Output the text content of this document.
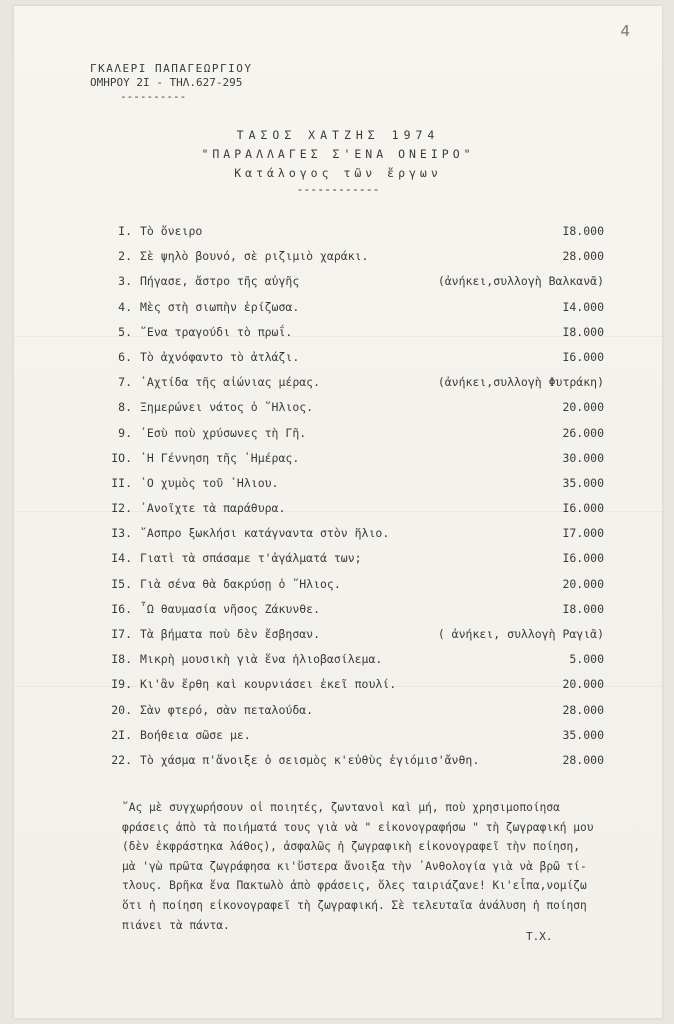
4
ΓΚΑΛΕΡΙ ΠΑΠΑΓΕΩΡΓΙΟΥ
ΟΜΗΡΟΥ 2Ι - ΤΗΛ.627-295
----------
ΤΑΣΟΣ ΧΑΤΖΗΣ 1974
"ΠΑΡΑΛΛΑΓΕΣ Σ'ΕΝΑ ΟΝΕΙΡΟ"
Κατάλογος τῶν ἔργων
------------
Ι. Τὸ ὄνειρο	Ι8.000
2. Σὲ ψηλὸ βουνό, σὲ ριζιμιὸ χαράκι.	28.000
3. Πήγασε, ἄστρο τῆς αὐγῆς	(ἀνήκει,συλλογὴ Βαλκανᾶ)
4. Μὲς στὴ σιωπὴν ἐρίζωσα.	Ι4.000
5. ῞Ενα τραγούδι τὸ πρωΐ.	Ι8.000
6. Τὸ ἀχνόφαντο τὸ ἀτλάζι.	Ι6.000
7. ᾿Αχτίδα τῆς αἰώνιας μέρας.	(ἀνήκει,συλλογὴ Φυτράκη)
8. Ξημερώνει νάτος ὁ ῞Ηλιος.	20.000
9. ᾿Εσὺ ποὺ χρύσωνες τὴ Γῆ.	26.000
ΙΟ. ῾Η Γέννηση τῆς ῾Ημέρας.	30.000
ΙΙ. ῾Ο χυμὸς τοῦ ῾Ηλιου.	35.000
Ι2. ᾿Ανοῖχτε τὰ παράθυρα.	Ι6.000
Ι3. ῎Ασπρο ξωκλήσι κατάγναντα στὸν ἥλιο.	Ι7.000
Ι4. Γιατὶ τὰ σπάσαμε τ'ἀγάλματά των;	Ι6.000
Ι5. Γιὰ σένα θὰ δακρύσῃ ὁ ῞Ηλιος.	20.000
Ι6. ῏Ω θαυμασία νῆσος Ζάκυνθε.	Ι8.000
Ι7. Τὰ βήματα ποὺ δὲν ἔσβησαν.	( ἀνήκει, συλλογὴ Ραγιᾶ)
Ι8. Μικρὴ μουσικὴ γιὰ ἕνα ἡλιοβασίλεμα.	5.000
Ι9. Κι'ἂν ἔρθη καὶ κουρνιάσει ἐκεῖ πουλί.	20.000
20. Σὰν φτερό, σὰν πεταλούδα.	28.000
2Ι. Βοήθεια σῶσε με.	35.000
22. Τὸ χάσμα π'ἄνοιξε ὁ σεισμὸς κ'εὐθὺς ἐγιόμισ'ἄνθη.	28.000
῞Ας μὲ συγχωρήσουν οἱ ποιητές, ζωντανοὶ καὶ μή, ποὺ χρησιμοποίησα
φράσεις ἀπὸ τὰ ποιήματά τους γιὰ νὰ " εἰκονογραφήσω " τὴ ζωγραφική μου
(δὲν ἐκφράστηκα λάθος), ἀσφαλῶς ἡ ζωγραφικὴ εἰκονογραφεῖ τὴν ποίηση,
μὰ 'γὼ πρῶτα ζωγράφησα κι'ὕστερα ἄνοιξα τὴν ᾿Ανθολογία γιὰ νὰ βρῶ τί-
τλους. Βρῆκα ἕνα Πακτωλὸ ἀπὸ φράσεις, ὅλες ταιριάζανε! Κι'εἶπα,νομίζω
ὅτι ἡ ποίηση εἰκονογραφεῖ τὴ ζωγραφική. Σὲ τελευταῖα ἀνάλυση ἡ ποίηση
πιάνει τὰ πάντα.
Τ.Χ.
